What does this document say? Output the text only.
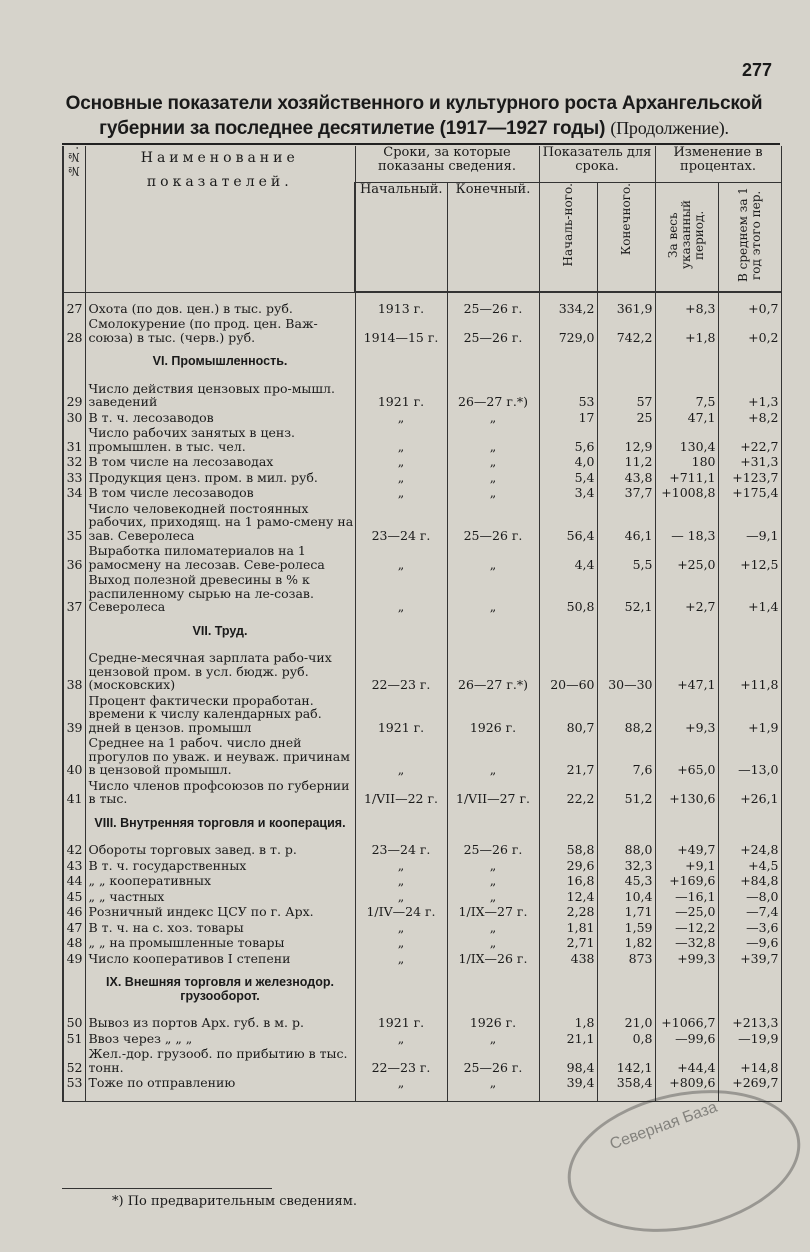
277
Основные показатели хозяйственного и культурного роста Архангельской губернии за последнее десятилетие (1917—1927 годы) (Продолжение).
№№.	Наименование показателей.	Сроки, за которые показаны сведения.		Показатель для срока.		Изменение в процентах.	
		Начальный.	Конечный.	Началь-ного.	Конечного.	За весь указанный период.	В среднем за 1 год этого пер.

27	Охота (по дов. цен.) в тыс. руб.	1913 г.	25—26 г.	334,2	361,9	+8,3	+0,7
28	Смолокурение (по прод. цен. Важ-союза) в тыс. (черв.) руб.	1914—15 г.	25—26 г.	729,0	742,2	+1,8	+0,2
	VI. Промышленность.						
29	Число действия цензовых про-мышл. заведений	1921 г.	26—27 г.*)	53	57	7,5	+1,3
30	В т. ч. лесозаводов	„	„	17	25	47,1	+8,2
31	Число рабочих занятых в ценз. промышлен. в тыс. чел.	„	„	5,6	12,9	130,4	+22,7
32	В том числе на лесозаводах	„	„	4,0	11,2	180	+31,3
33	Продукция ценз. пром. в мил. руб.	„	„	5,4	43,8	+711,1	+123,7
34	В том числе лесозаводов	„	„	3,4	37,7	+1008,8	+175,4
35	Число человекодней постоянных рабочих, приходящ. на 1 рамо-смену на зав. Северолеса	23—24 г.	25—26 г.	56,4	46,1	— 18,3	—9,1
36	Выработка пиломатериалов на 1 рамосмену на лесозав. Севе-ролеса	„	„	4,4	5,5	+25,0	+12,5
37	Выход полезной древесины в % к распиленному сырью на ле-созав. Северолеса	„	„	50,8	52,1	+2,7	+1,4
	VII. Труд.						
38	Средне-месячная зарплата рабо-чих цензовой пром. в усл. бюдж. руб. (московских)	22—23 г.	26—27 г.*)	20—60	30—30	+47,1	+11,8
39	Процент фактически проработан. времени к числу календарных раб. дней в цензов. промышл	1921 г.	1926 г.	80,7	88,2	+9,3	+1,9
40	Среднее на 1 рабоч. число дней прогулов по уваж. и неуваж. причинам в цензовой промышл.	„	„	21,7	7,6	+65,0	—13,0
41	Число членов профсоюзов по губернии в тыс.	1/VII—22 г.	1/VII—27 г.	22,2	51,2	+130,6	+26,1
	VIII. Внутренняя торговля и кооперация.						
42	Обороты торговых завед. в т. р.	23—24 г.	25—26 г.	58,8	88,0	+49,7	+24,8
43	В т. ч. государственных	„	„	29,6	32,3	+9,1	+4,5
44	„ „ кооперативных	„	„	16,8	45,3	+169,6	+84,8
45	„ „ частных	„	„	12,4	10,4	—16,1	—8,0
46	Розничный индекс ЦСУ по г. Арх.	1/IV—24 г.	1/IX—27 г.	2,28	1,71	—25,0	—7,4
47	В т. ч. на с. хоз. товары	„	„	1,81	1,59	—12,2	—3,6
48	„ „ на промышленные товары	„	„	2,71	1,82	—32,8	—9,6
49	Число кооперативов I степени	„	1/IX—26 г.	438	873	+99,3	+39,7
	IX. Внешняя торговля и железнодор. грузооборот.						
50	Вывоз из портов Арх. губ. в м. р.	1921 г.	1926 г.	1,8	21,0	+1066,7	+213,3
51	Ввоз через „ „ „	„	„	21,1	0,8	—99,6	—19,9
52	Жел.-дор. грузооб. по прибытию в тыс. тонн.	22—23 г.	25—26 г.	98,4	142,1	+44,4	+14,8
53	Тоже по отправлению	„	„	39,4	358,4	+809,6	+269,7

*) По предварительным сведениям.
Северная База
